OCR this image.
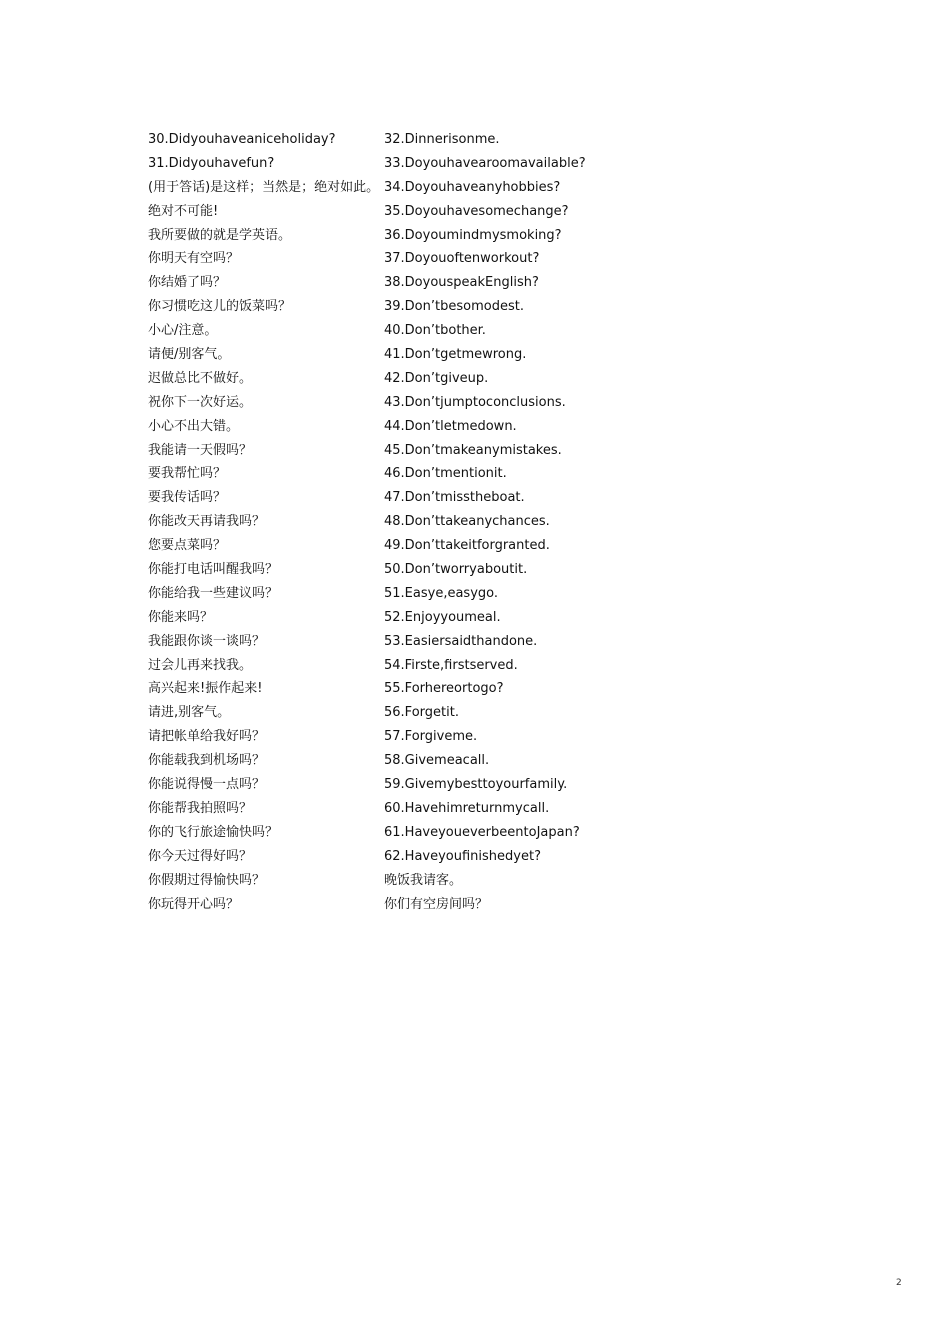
30.Didyouhaveaniceholiday?
31.Didyouhavefun?
(用于答话)是这样；当然是；绝对如此。
绝对不可能!
我所要做的就是学英语。
你明天有空吗？
你结婚了吗？
你习惯吃这儿的饭菜吗？
小心/注意。
请便/别客气。
迟做总比不做好。
祝你下一次好运。
小心不出大错。
我能请一天假吗？
要我帮忙吗？
要我传话吗？
你能改天再请我吗？
您要点菜吗？
你能打电话叫醒我吗？
你能给我一些建议吗？
你能来吗？
我能跟你谈一谈吗？
过会儿再来找我。
高兴起来!振作起来!
请进,别客气。
请把帐单给我好吗？
你能载我到机场吗？
你能说得慢一点吗？
你能帮我拍照吗？
你的飞行旅途愉快吗？
你今天过得好吗？
你假期过得愉快吗？
你玩得开心吗？
32.Dinnerisonme.
33.Doyouhavearoomavailable?
34.Doyouhaveanyhobbies?
35.Doyouhavesomechange?
36.Doyoumindmysmoking?
37.Doyouoftenworkout?
38.DoyouspeakEnglish?
39.Don’tbesomodest.
40.Don’tbother.
41.Don’tgetmewrong.
42.Don’tgiveup.
43.Don’tjumptoconclusions.
44.Don’tletmedown.
45.Don’tmakeanymistakes.
46.Don’tmentionit.
47.Don’tmisstheboat.
48.Don’ttakeanychances.
49.Don’ttakeitforgranted.
50.Don’tworryaboutit.
51.Easye,easygo.
52.Enjoyyoumeal.
53.Easiersaidthandone.
54.Firste,firstserved.
55.Forhereortogo?
56.Forgetit.
57.Forgiveme.
58.Givemeacall.
59.Givemybesttoyourfamily.
60.Havehimreturnmycall.
61.HaveyoueverbeentoJapan?
62.Haveyoufinishedyet?
晚饭我请客。
你们有空房间吗？
2
